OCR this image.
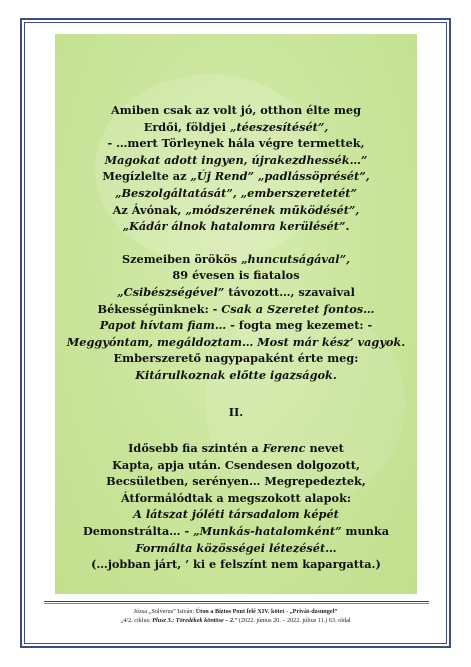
Amiben csak az volt jó, otthon élte meg

Erdői, földjei „téeszesítését”,

- …mert Törleynek hála végre termettek,

Magokat adott ingyen, újrakezdhessék…”

Megízlelte az „Új Rend” „padlássöprését”,

„Beszolgáltatását”, „emberszeretetét”

Az Ávónak, „módszerének működését”,

„Kádár álnok hatalomra kerülését”.

Szemeiben örökös „huncutságával”,

89 évesen is fiatalos

„Csibészségével” távozott…, szavaival

Békességünknek: - Csak a Szeretet fontos…

Papot hívtam fiam… - fogta meg kezemet: -

Meggyóntam, megáldoztam… Most már kész’ vagyok.

Emberszerető nagypapaként érte meg:

Kitárulkoznak előtte igazságok.

II.

Idősebb fia szintén a Ferenc nevet

Kapta, apja után. Csendesen dolgozott,

Becsületben, serényen… Megrepedeztek,

Átformálódtak a megszokott alapok:

A látszat jóléti társadalom képét

Demonstrálta… - „Munkás-hatalomként” munka

Formálta közösségei létezését…

(…jobban járt, ’ ki e felszínt nem kapargatta.)

Józsa „Solverus” István: Úton a Biztos Pont felé XIV. kötet - „Privát-dzsungel”

„4/2. ciklus: Plusz 3.: Töredékek köntöse – 2.” (2022. június 20. – 2022. július 11.) 63. oldal
